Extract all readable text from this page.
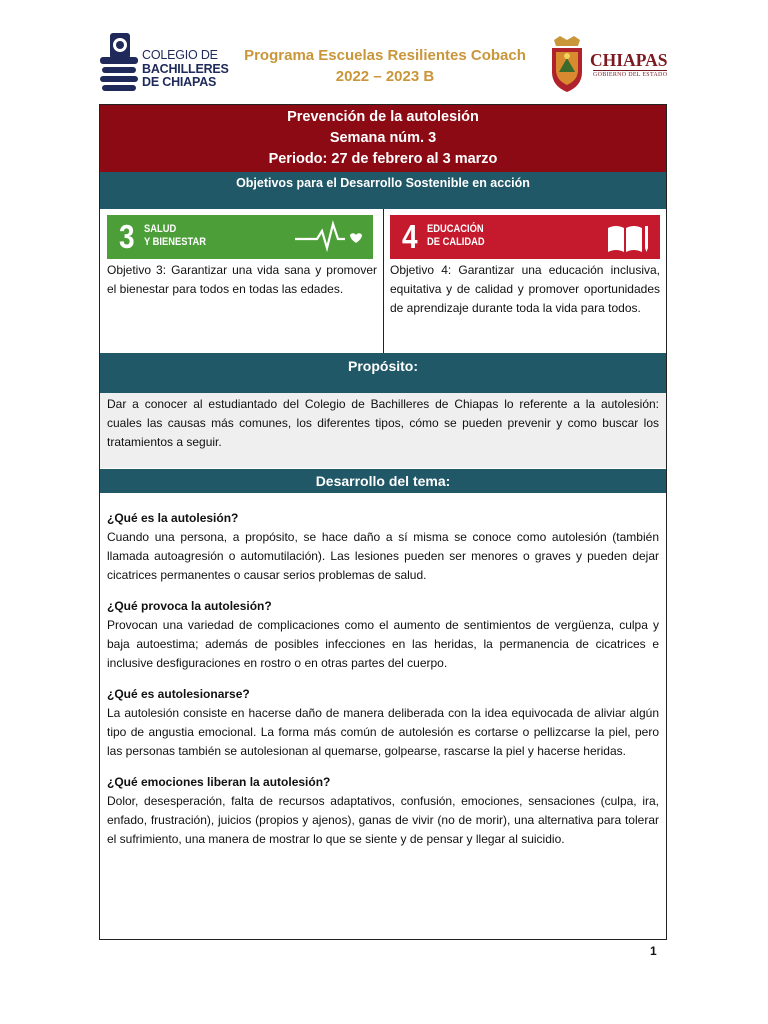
COLEGIO DE
BACHILLERES
DE CHIAPAS
Programa Escuelas Resilientes Cobach
2022 – 2023 B
CHIAPAS
GOBIERNO DEL ESTADO
Prevención de la autolesión
Semana núm. 3
Periodo: 27 de febrero al 3 marzo
Objetivos para el Desarrollo Sostenible en acción
3 SALUD
Y BIENESTAR
Objetivo 3: Garantizar una vida sana y promover el bienestar para todos en todas las edades.
4 EDUCACIÓN
DE CALIDAD
Objetivo 4: Garantizar una educación inclusiva, equitativa y de calidad y promover oportunidades de aprendizaje durante toda la vida para todos.
Propósito:
Dar a conocer al estudiantado del Colegio de Bachilleres de Chiapas lo referente a la autolesión: cuales las causas más comunes, los diferentes tipos, cómo se pueden prevenir y como buscar los tratamientos a seguir.
Desarrollo del tema:
¿Qué es la autolesión?

Cuando una persona, a propósito, se hace daño a sí misma se conoce como autolesión (también llamada autoagresión o automutilación). Las lesiones pueden ser menores o graves y pueden dejar cicatrices permanentes o causar serios problemas de salud.

¿Qué provoca la autolesión?

Provocan una variedad de complicaciones como el aumento de sentimientos de vergüenza, culpa y baja autoestima; además de posibles infecciones en las heridas, la permanencia de cicatrices e inclusive desfiguraciones en rostro o en otras partes del cuerpo.

¿Qué es autolesionarse?

La autolesión consiste en hacerse daño de manera deliberada con la idea equivocada de aliviar algún tipo de angustia emocional. La forma más común de autolesión es cortarse o pellizcarse la piel, pero las personas también se autolesionan al quemarse, golpearse, rascarse la piel y hacerse heridas.

¿Qué emociones liberan la autolesión?

Dolor, desesperación, falta de recursos adaptativos, confusión, emociones, sensaciones (culpa, ira, enfado, frustración), juicios (propios y ajenos), ganas de vivir (no de morir), una alternativa para tolerar el sufrimiento, una manera de mostrar lo que se siente y de pensar y llegar al suicidio.

1
